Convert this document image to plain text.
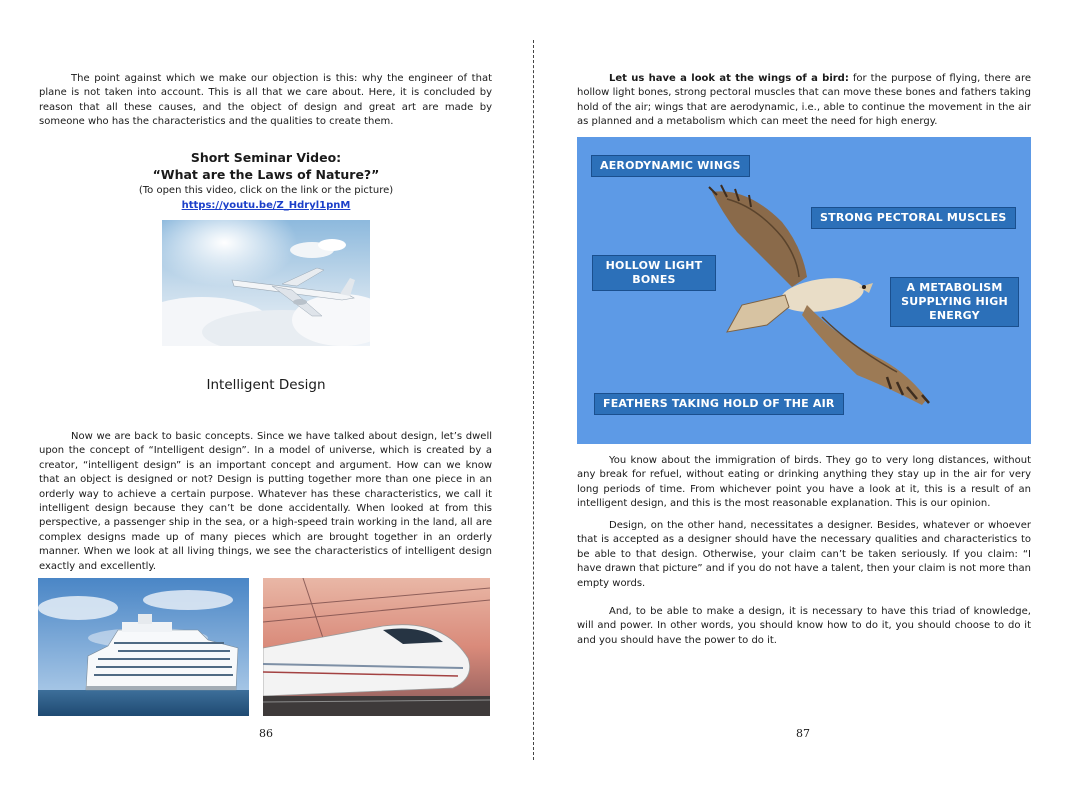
The point against which we make our objection is this: why the engineer of that plane is not taken into account. This is all that we care about. Here, it is concluded by reason that all these causes, and the object of design and great art are made by someone who has the characteristics and the qualities to create them.

Short Seminar Video:
“What are the Laws of Nature?”
(To open this video, click on the link or the picture)
https://youtu.be/Z_Hdryl1pnM
Intelligent Design

Now we are back to basic concepts. Since we have talked about design, let’s dwell upon the concept of “Intelligent design”. In a model of universe, which is created by a creator, “intelligent design” is an important concept and argument. How can we know that an object is designed or not? Design is putting together more than one piece in an orderly way to achieve a certain purpose. Whatever has these characteristics, we call it intelligent design because they can’t be done accidentally. When looked at from this perspective, a passenger ship in the sea, or a high-speed train working in the land, all are complex designs made up of many pieces which are brought together in an orderly manner. When we look at all living things, we see the characteristics of intelligent design exactly and excellently.

86

Let us have a look at the wings of a bird: for the purpose of flying, there are hollow light bones, strong pectoral muscles that can move these bones and fathers taking hold of the air; wings that are aerodynamic, i.e., able to continue the movement in the air as planned and a metabolism which can meet the need for high energy.

AERODYNAMIC WINGS
STRONG PECTORAL MUSCLES
HOLLOW LIGHT BONES
A METABOLISM SUPPLYING HIGH ENERGY
FEATHERS TAKING HOLD OF THE AIR

You know about the immigration of birds. They go to very long distances, without any break for refuel, without eating or drinking anything they stay up in the air for very long periods of time. From whichever point you have a look at it, this is a result of an intelligent design, and this is the most reasonable explanation. This is our opinion.

Design, on the other hand, necessitates a designer. Besides, whatever or whoever that is accepted as a designer should have the necessary qualities and characteristics to be able to that design. Otherwise, your claim can’t be taken seriously. If you claim: “I have drawn that picture” and if you do not have a talent, then your claim is not more than empty words.

And, to be able to make a design, it is necessary to have this triad of knowledge, will and power. In other words, you should know how to do it, you should choose to do it and you should have the power to do it.

87
